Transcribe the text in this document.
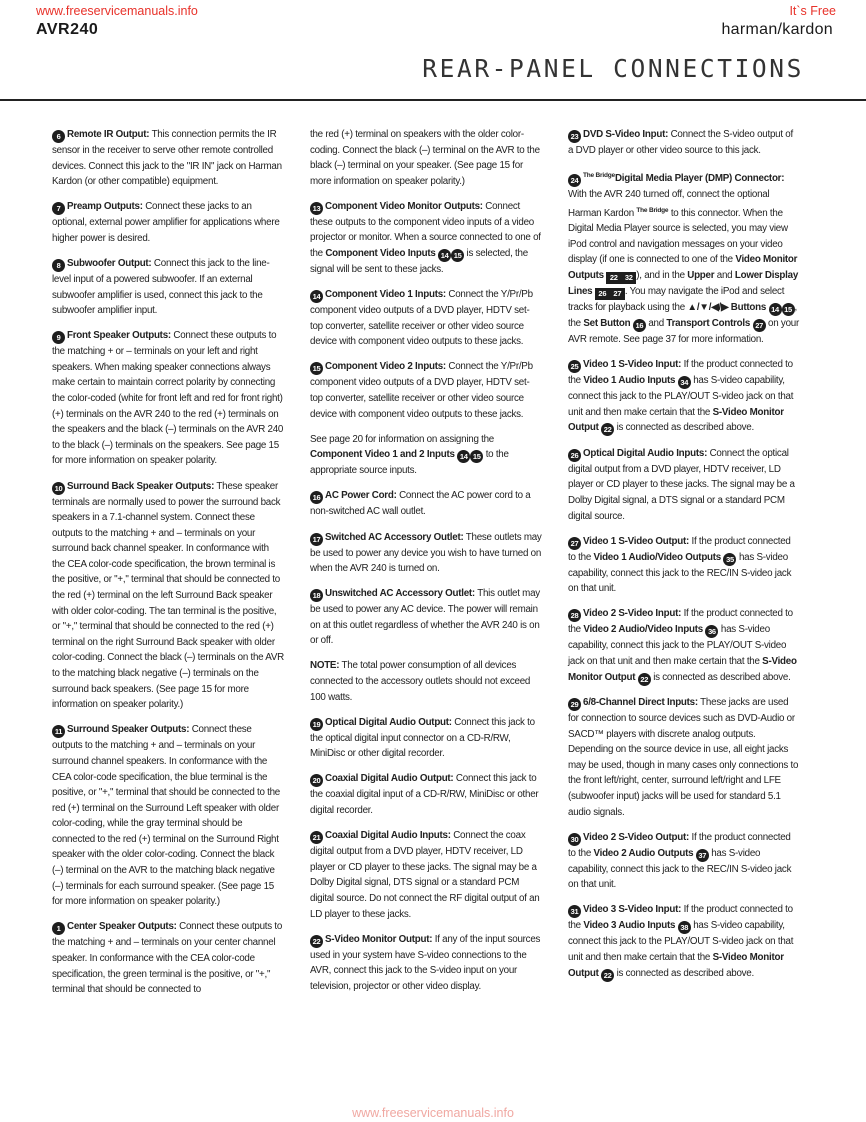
www.freeservicemanuals.info	It`s Free
AVR240	harman/kardon
REAR-PANEL CONNECTIONS

6 Remote IR Output: This connection permits the IR sensor in the receiver to serve other remote controlled devices. Connect this jack to the "IR IN" jack on Harman Kardon (or other compatible) equipment.

7 Preamp Outputs: Connect these jacks to an optional, external power amplifier for applications where higher power is desired.

8 Subwoofer Output: Connect this jack to the line-level input of a powered subwoofer. If an external subwoofer amplifier is used, connect this jack to the subwoofer amplifier input.

9 Front Speaker Outputs: Connect these outputs to the matching + or – terminals on your left and right speakers. When making speaker connections always make certain to maintain correct polarity by connecting the color-coded (white for front left and red for front right) (+) terminals on the AVR 240 to the red (+) terminals on the speakers and the black (–) terminals on the AVR 240 to the black (–) terminals on the speakers. See page 15 for more information on speaker polarity.

10 Surround Back Speaker Outputs: These speaker terminals are normally used to power the surround back speakers in a 7.1-channel system. Connect these outputs to the matching + and – terminals on your surround back channel speaker. In conformance with the CEA color-code specification, the brown terminal is the positive, or "+," terminal that should be connected to the red (+) terminal on the left Surround Back speaker with older color-coding. The tan terminal is the positive, or "+," terminal that should be connected to the red (+) terminal on the right Surround Back speaker with older color-coding. Connect the black (–) terminals on the AVR to the matching black negative (–) terminals on the surround back speakers. (See page 15 for more information on speaker polarity.)

11 Surround Speaker Outputs: Connect these outputs to the matching + and – terminals on your surround channel speakers. In conformance with the CEA color-code specification, the blue terminal is the positive, or "+," terminal that should be connected to the red (+) terminal on the Surround Left speaker with older color-coding, while the gray terminal should be connected to the red (+) terminal on the Surround Right speaker with the older color-coding. Connect the black (–) terminal on the AVR to the matching black negative (–) terminals for each surround speaker. (See page 15 for more information on speaker polarity.)

1 Center Speaker Outputs: Connect these outputs to the matching + and – terminals on your center channel speaker. In conformance with the CEA color-code specification, the green terminal is the positive, or "+," terminal that should be connected to

the red (+) terminal on speakers with the older color-coding. Connect the black (–) terminal on the AVR to the black (–) terminal on your speaker. (See page 15 for more information on speaker polarity.)

13 Component Video Monitor Outputs: Connect these outputs to the component video inputs of a video projector or monitor. When a source connected to one of the Component Video Inputs 14 15 is selected, the signal will be sent to these jacks.

14 Component Video 1 Inputs: Connect the Y/Pr/Pb component video outputs of a DVD player, HDTV set-top converter, satellite receiver or other video source device with component video outputs to these jacks.

15 Component Video 2 Inputs: Connect the Y/Pr/Pb component video outputs of a DVD player, HDTV set-top converter, satellite receiver or other video source device with component video outputs to these jacks.

See page 20 for information on assigning the Component Video 1 and 2 Inputs 14 15 to the appropriate source inputs.

16 AC Power Cord: Connect the AC power cord to a non-switched AC wall outlet.

17 Switched AC Accessory Outlet: These outlets may be used to power any device you wish to have turned on when the AVR 240 is turned on.

18 Unswitched AC Accessory Outlet: This outlet may be used to power any AC device. The power will remain on at this outlet regardless of whether the AVR 240 is on or off.

NOTE: The total power consumption of all devices connected to the accessory outlets should not exceed 100 watts.

19 Optical Digital Audio Output: Connect this jack to the optical digital input connector on a CD-R/RW, MiniDisc or other digital recorder.

20 Coaxial Digital Audio Output: Connect this jack to the coaxial digital input of a CD-R/RW, MiniDisc or other digital recorder.

21 Coaxial Digital Audio Inputs: Connect the coax digital output from a DVD player, HDTV receiver, LD player or CD player to these jacks. The signal may be a Dolby Digital signal, DTS signal or a standard PCM digital source. Do not connect the RF digital output of an LD player to these jacks.

22 S-Video Monitor Output: If any of the input sources used in your system have S-video connections to the AVR, connect this jack to the S-video input on your television, projector or other video display.

23 DVD S-Video Input: Connect the S-video output of a DVD player or other video source to this jack.

$24^{The Bridge}Digital$ Media Player (DMP) Connector: With the AVR 240 turned off, connect the optional Harman Kardon $^{The Bridge}$ to this connector. When the Digital Media Player source is selected, you may view iPod control and navigation messages on your video display (if one is connected to one of the Video Monitor Outputs 22 32 ), and in the Upper and Lower Display Lines 26 27 . You may navigate the iPod and select tracks for playback using the ▲/▼/◀/▶ Buttons 14 15 , the Set Button 16 and Transport Controls 27 on your AVR remote. See page 37 for more information.

25 Video 1 S-Video Input: If the product connected to the Video 1 Audio Inputs 34 has S-video capability, connect this jack to the PLAY/OUT S-video jack on that unit and then make certain that the S-Video Monitor Output 22 is connected as described above.

26 Optical Digital Audio Inputs: Connect the optical digital output from a DVD player, HDTV receiver, LD player or CD player to these jacks. The signal may be a Dolby Digital signal, a DTS signal or a standard PCM digital source.

27 Video 1 S-Video Output: If the product connected to the Video 1 Audio/Video Outputs 35 has S-video capability, connect this jack to the REC/IN S-video jack on that unit.

28 Video 2 S-Video Input: If the product connected to the Video 2 Audio/Video Inputs 36 has S-video capability, connect this jack to the PLAY/OUT S-video jack on that unit and then make certain that the S-Video Monitor Output 22 is connected as described above.

29 6/8-Channel Direct Inputs: These jacks are used for connection to source devices such as DVD-Audio or SACD™ players with discrete analog outputs. Depending on the source device in use, all eight jacks may be used, though in many cases only connections to the front left/right, center, surround left/right and LFE (subwoofer input) jacks will be used for standard 5.1 audio signals.

30 Video 2 S-Video Output: If the product connected to the Video 2 Audio Outputs 37 has S-video capability, connect this jack to the REC/IN S-video jack on that unit.

31 Video 3 S-Video Input: If the product connected to the Video 3 Audio Inputs 38 has S-video capability, connect this jack to the PLAY/OUT S-video jack on that unit and then make certain that the S-Video Monitor Output 22 is connected as described above.

www.freeservicemanuals.info
